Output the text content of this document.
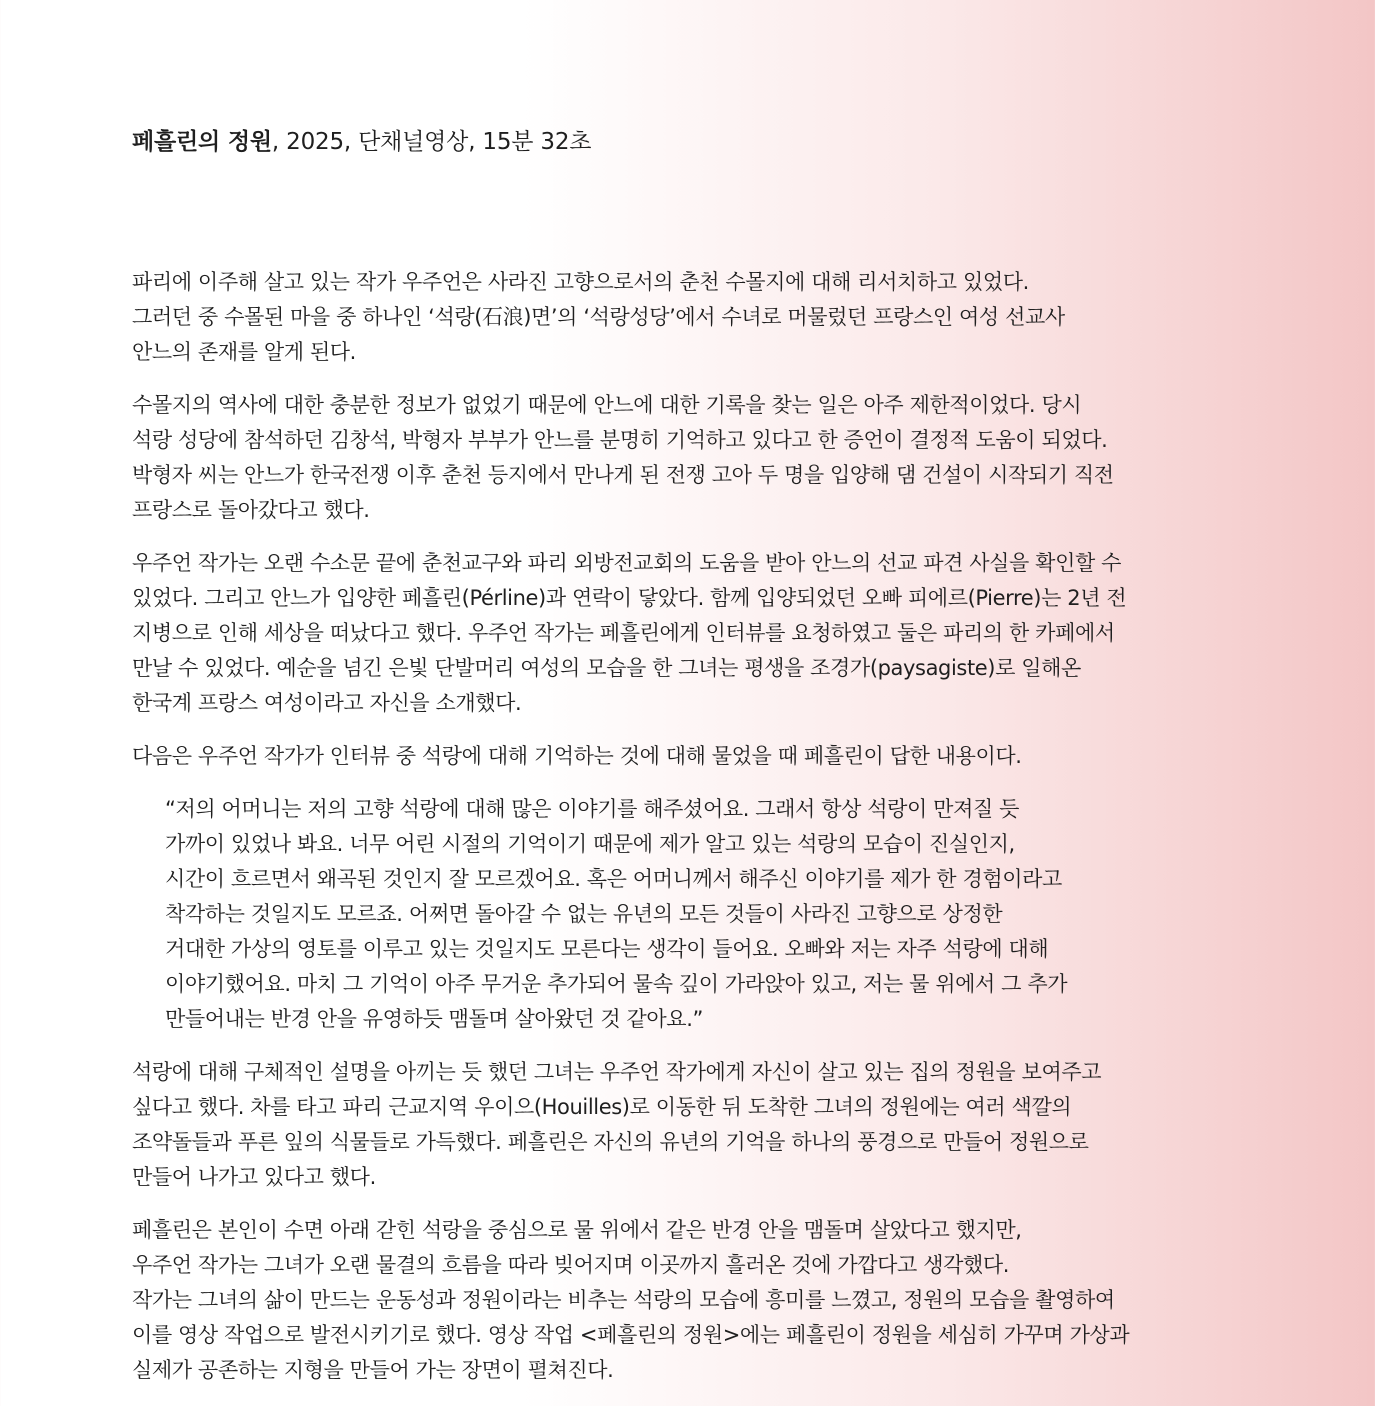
페흘린의 정원, 2025, 단채널영상, 15분 32초
파리에 이주해 살고 있는 작가 우주언은 사라진 고향으로서의 춘천 수몰지에 대해 리서치하고 있었다.
그러던 중 수몰된 마을 중 하나인 ‘석랑(石浪)면’의 ‘석랑성당’에서 수녀로 머물렀던 프랑스인 여성 선교사
안느의 존재를 알게 된다.
수몰지의 역사에 대한 충분한 정보가 없었기 때문에 안느에 대한 기록을 찾는 일은 아주 제한적이었다. 당시
석랑 성당에 참석하던 김창석, 박형자 부부가 안느를 분명히 기억하고 있다고 한 증언이 결정적 도움이 되었다.
박형자 씨는 안느가 한국전쟁 이후 춘천 등지에서 만나게 된 전쟁 고아 두 명을 입양해 댐 건설이 시작되기 직전
프랑스로 돌아갔다고 했다.
우주언 작가는 오랜 수소문 끝에 춘천교구와 파리 외방전교회의 도움을 받아 안느의 선교 파견 사실을 확인할 수
있었다. 그리고 안느가 입양한 페흘린(Pérline)과 연락이 닿았다. 함께 입양되었던 오빠 피에르(Pierre)는 2년 전
지병으로 인해 세상을 떠났다고 했다. 우주언 작가는 페흘린에게 인터뷰를 요청하였고 둘은 파리의 한 카페에서
만날 수 있었다. 예순을 넘긴 은빛 단발머리 여성의 모습을 한 그녀는 평생을 조경가(paysagiste)로 일해온
한국계 프랑스 여성이라고 자신을 소개했다.
다음은 우주언 작가가 인터뷰 중 석랑에 대해 기억하는 것에 대해 물었을 때 페흘린이 답한 내용이다.
“저의 어머니는 저의 고향 석랑에 대해 많은 이야기를 해주셨어요. 그래서 항상 석랑이 만져질 듯
가까이 있었나 봐요. 너무 어린 시절의 기억이기 때문에 제가 알고 있는 석랑의 모습이 진실인지,
시간이 흐르면서 왜곡된 것인지 잘 모르겠어요. 혹은 어머니께서 해주신 이야기를 제가 한 경험이라고
착각하는 것일지도 모르죠. 어쩌면 돌아갈 수 없는 유년의 모든 것들이 사라진 고향으로 상정한
거대한 가상의 영토를 이루고 있는 것일지도 모른다는 생각이 들어요. 오빠와 저는 자주 석랑에 대해
이야기했어요. 마치 그 기억이 아주 무거운 추가되어 물속 깊이 가라앉아 있고, 저는 물 위에서 그 추가
만들어내는 반경 안을 유영하듯 맴돌며 살아왔던 것 같아요.”
석랑에 대해 구체적인 설명을 아끼는 듯 했던 그녀는 우주언 작가에게 자신이 살고 있는 집의 정원을 보여주고
싶다고 했다. 차를 타고 파리 근교지역 우이으(Houilles)로 이동한 뒤 도착한 그녀의 정원에는 여러 색깔의
조약돌들과 푸른 잎의 식물들로 가득했다. 페흘린은 자신의 유년의 기억을 하나의 풍경으로 만들어 정원으로
만들어 나가고 있다고 했다.
페흘린은 본인이 수면 아래 갇힌 석랑을 중심으로 물 위에서 같은 반경 안을 맴돌며 살았다고 했지만,
우주언 작가는 그녀가 오랜 물결의 흐름을 따라 빚어지며 이곳까지 흘러온 것에 가깝다고 생각했다.
작가는 그녀의 삶이 만드는 운동성과 정원이라는 비추는 석랑의 모습에 흥미를 느꼈고, 정원의 모습을 촬영하여
이를 영상 작업으로 발전시키기로 했다. 영상 작업 <페흘린의 정원>에는 페흘린이 정원을 세심히 가꾸며 가상과
실제가 공존하는 지형을 만들어 가는 장면이 펼쳐진다.
